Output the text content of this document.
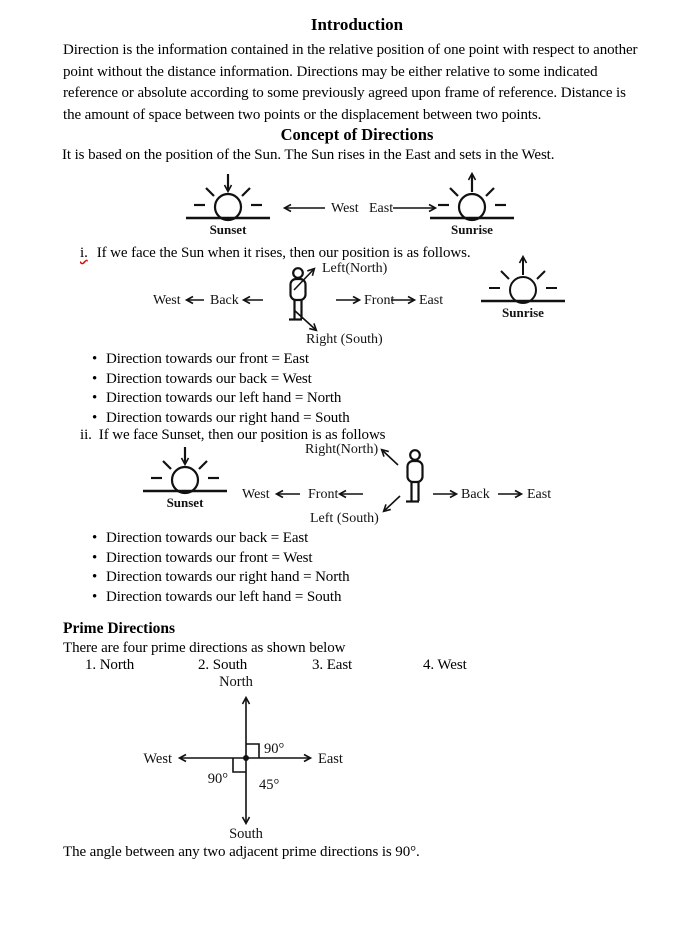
Introduction
Direction is the information contained in the relative position of one point with respect to another
point without the distance information. Directions may be either relative to some indicated
reference or absolute according to some previously agreed upon frame of reference. Distance is
the amount of space between two points or the displacement between two points.
Concept of Directions
It is based on the position of the Sun. The Sun rises in the East and sets in the West.
Sunset
West East
Sunrise
i. If we face the Sun when it rises, then our position is as follows.
Left(North)
West Back	Front East
Sunrise
Right (South)
• Direction towards our front = East
• Direction towards our back = West
• Direction towards our left hand = North
• Direction towards our right hand = South
ii. If we face Sunset, then our position is as follows
Right(North)
Sunset
West	Front	Back	East
Left (South)
• Direction towards our back = East
• Direction towards our front = West
• Direction towards our right hand = North
• Direction towards our left hand = South
Prime Directions
There are four prime directions as shown below
1. North	2. South	3. East	4. West
North
90°
90° 45°
West	East
South
The angle between any two adjacent prime directions is 90°.
